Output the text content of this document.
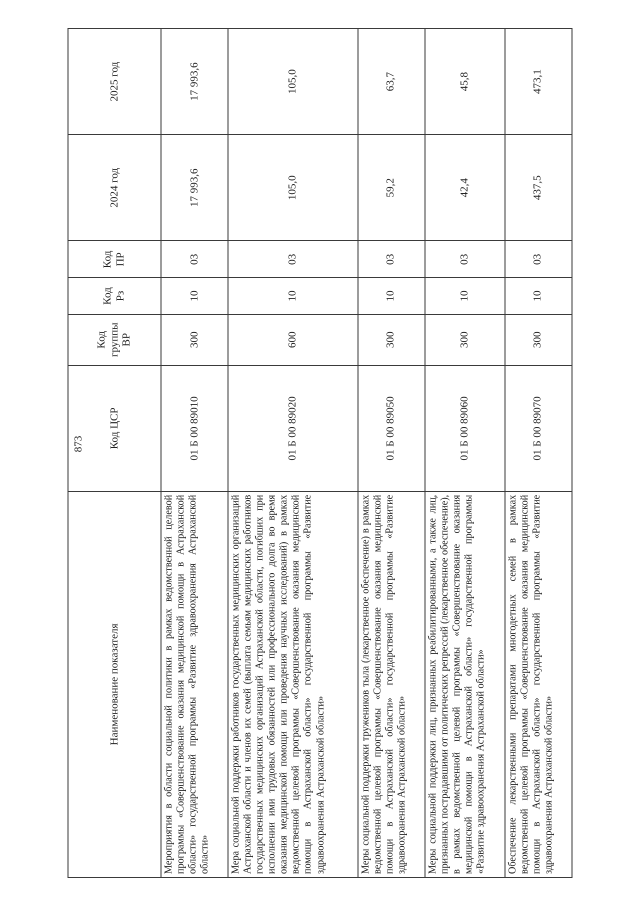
873
Наименование показателя	Код ЦСР	Код группы ВР	Код Рз	Код ПР	2024 год	2025 год
Мероприятия в области социальной политики в рамках ведомственной целевой программы «Совершенствование оказания медицинской помощи в Астраханской области» государственной программы «Развитие здравоохранения Астраханской области»	01 Б 00 89010	300	10	03	17 993,6	17 993,6
Мера социальной поддержки работников государственных медицинских организаций Астраханской области и членов их семей (выплата семьям медицинских работников государственных медицинских организаций Астраханской области, погибших при исполнении ими трудовых обязанностей или профессионального долга во время оказания медицинской помощи или проведения научных исследований) в рамках ведомственной целевой программы «Совершенствование оказания медицинской помощи в Астраханской области» государственной программы «Развитие здравоохранения Астраханской области»	01 Б 00 89020	600	10	03	105,0	105,0
Меры социальной поддержки тружеников тыла (лекарственное обеспечение) в рамках ведомственной целевой программы «Совершенствование оказания медицинской помощи в Астраханской области» государственной программы «Развитие здравоохранения Астраханской области»	01 Б 00 89050	300	10	03	59,2	63,7
Меры социальной поддержки лиц, признанных реабилитированными, а также лиц, признанных пострадавшими от политических репрессий (лекарственное обеспечение), в рамках ведомственной целевой программы «Совершенствование оказания медицинской помощи в Астраханской области» государственной программы «Развитие здравоохранения Астраханской области»	01 Б 00 89060	300	10	03	42,4	45,8
Обеспечение лекарственными препаратами многодетных семей в рамках ведомственной целевой программы «Совершенствование оказания медицинской помощи в Астраханской области» государственной программы «Развитие здравоохранения Астраханской области»	01 Б 00 89070	300	10	03	437,5	473,1
